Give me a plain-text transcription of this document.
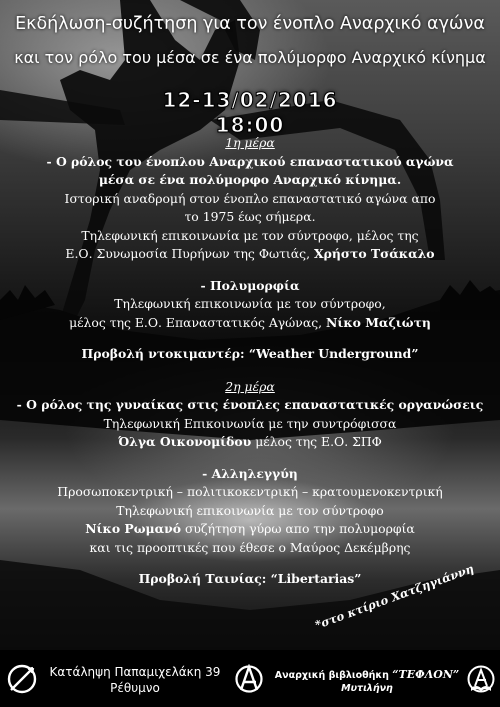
Εκδήλωση-συζήτηση για τον ένοπλο Αναρχικό αγώνα
και τον ρόλο του μέσα σε ένα πολύμορφο Αναρχικό κίνημα
12-13/02/2016
18:00

1η μέρα

- Ο ρόλος του ένοπλου Αναρχικού επαναστατικού αγώνα

μέσα σε ένα πολύμορφο Αναρχικό κίνημα.

Ιστορική αναδρομή στον ένοπλο επαναστατικό αγώνα απο

το 1975 έως σήμερα.

Τηλεφωνική επικοινωνία με τον σύντροφο, μέλος της

Ε.Ο. Συνωμοσία Πυρήνων της Φωτιάς, Χρήστο Τσάκαλο

- Πολυμορφία

Τηλεφωνική επικοινωνία με τον σύντροφο,

μέλος της Ε.Ο. Επαναστατικός Αγώνας, Νίκο Μαζιώτη

Προβολή ντοκιμαντέρ: “Weather Underground”

2η μέρα

- Ο ρόλος της γυναίκας στις ένοπλες επαναστατικές οργανώσεις

Τηλεφωνική Επικοινωνία με την συντρόφισσα

Όλγα Οικονομίδου μέλος της Ε.Ο. ΣΠΦ

- Αλληλεγγύη

Προσωποκεντρική – πολιτικοκεντρική – κρατουμενοκεντρική

Τηλεφωνική επικοινωνία με τον σύντροφο

Νίκο Ρωμανό συζήτηση γύρω απο την πολυμορφία

και τις προοπτικές που έθεσε ο Μαύρος Δεκέμβρης

Προβολή Ταινίας: “Libertarias”

*στο κτίριο Χατζηγιάννη
Κατάληψη Παπαμιχελάκη 39
Ρέθυμνο
Αναρχική βιβλιοθήκη “ΤΕΦΛΟΝ”
Μυτιλήνη
